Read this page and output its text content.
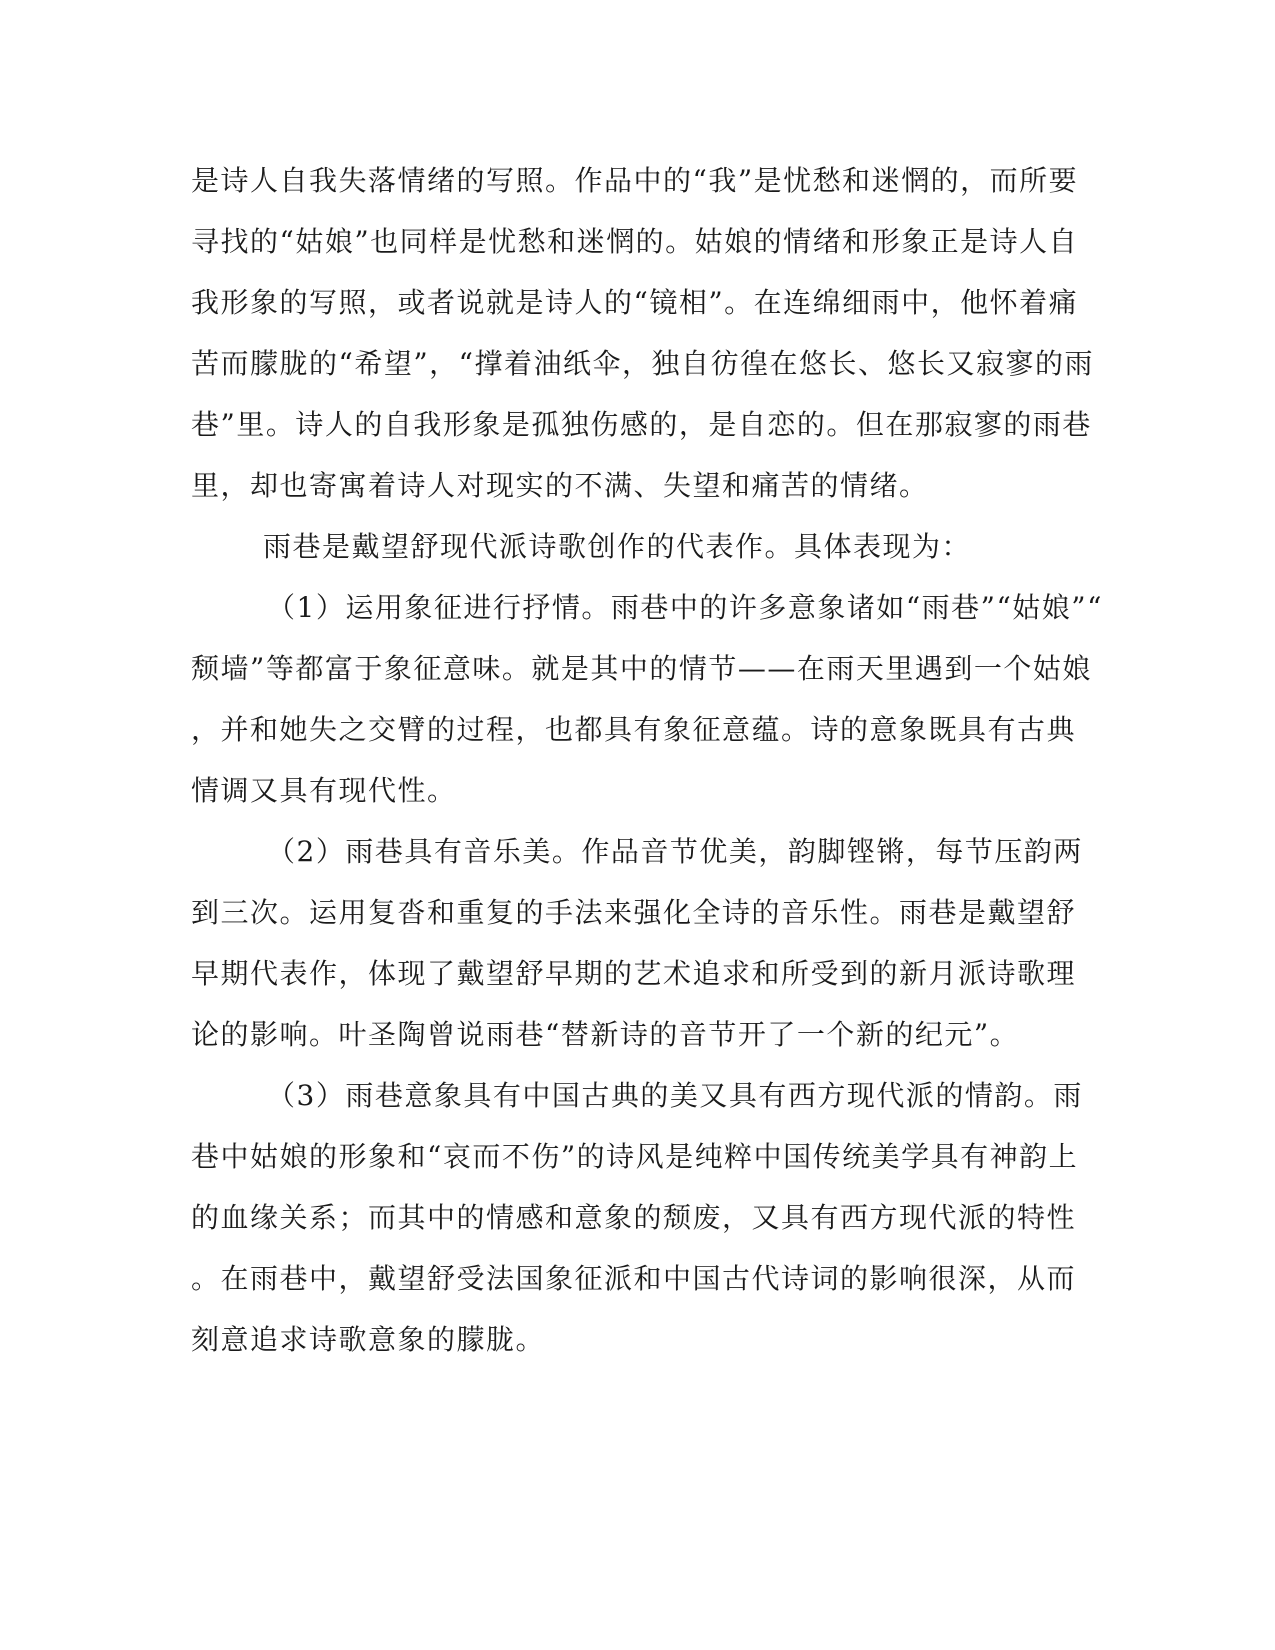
是诗人自我失落情绪的写照。作品中的“我”是忧愁和迷惘的，而所要
寻找的“姑娘”也同样是忧愁和迷惘的。姑娘的情绪和形象正是诗人自
我形象的写照，或者说就是诗人的“镜相”。在连绵细雨中，他怀着痛
苦而朦胧的“希望”，“撑着油纸伞，独自彷徨在悠长、悠长又寂寥的雨
巷”里。诗人的自我形象是孤独伤感的，是自恋的。但在那寂寥的雨巷
里，却也寄寓着诗人对现实的不满、失望和痛苦的情绪。
雨巷是戴望舒现代派诗歌创作的代表作。具体表现为：
（1）运用象征进行抒情。雨巷中的许多意象诸如“雨巷”“姑娘”“
颓墙”等都富于象征意味。就是其中的情节——在雨天里遇到一个姑娘
，并和她失之交臂的过程，也都具有象征意蕴。诗的意象既具有古典
情调又具有现代性。
（2）雨巷具有音乐美。作品音节优美，韵脚铿锵，每节压韵两
到三次。运用复沓和重复的手法来强化全诗的音乐性。雨巷是戴望舒
早期代表作，体现了戴望舒早期的艺术追求和所受到的新月派诗歌理
论的影响。叶圣陶曾说雨巷“替新诗的音节开了一个新的纪元”。
（3）雨巷意象具有中国古典的美又具有西方现代派的情韵。雨
巷中姑娘的形象和“哀而不伤”的诗风是纯粹中国传统美学具有神韵上
的血缘关系；而其中的情感和意象的颓废，又具有西方现代派的特性
。在雨巷中，戴望舒受法国象征派和中国古代诗词的影响很深，从而
刻意追求诗歌意象的朦胧。
